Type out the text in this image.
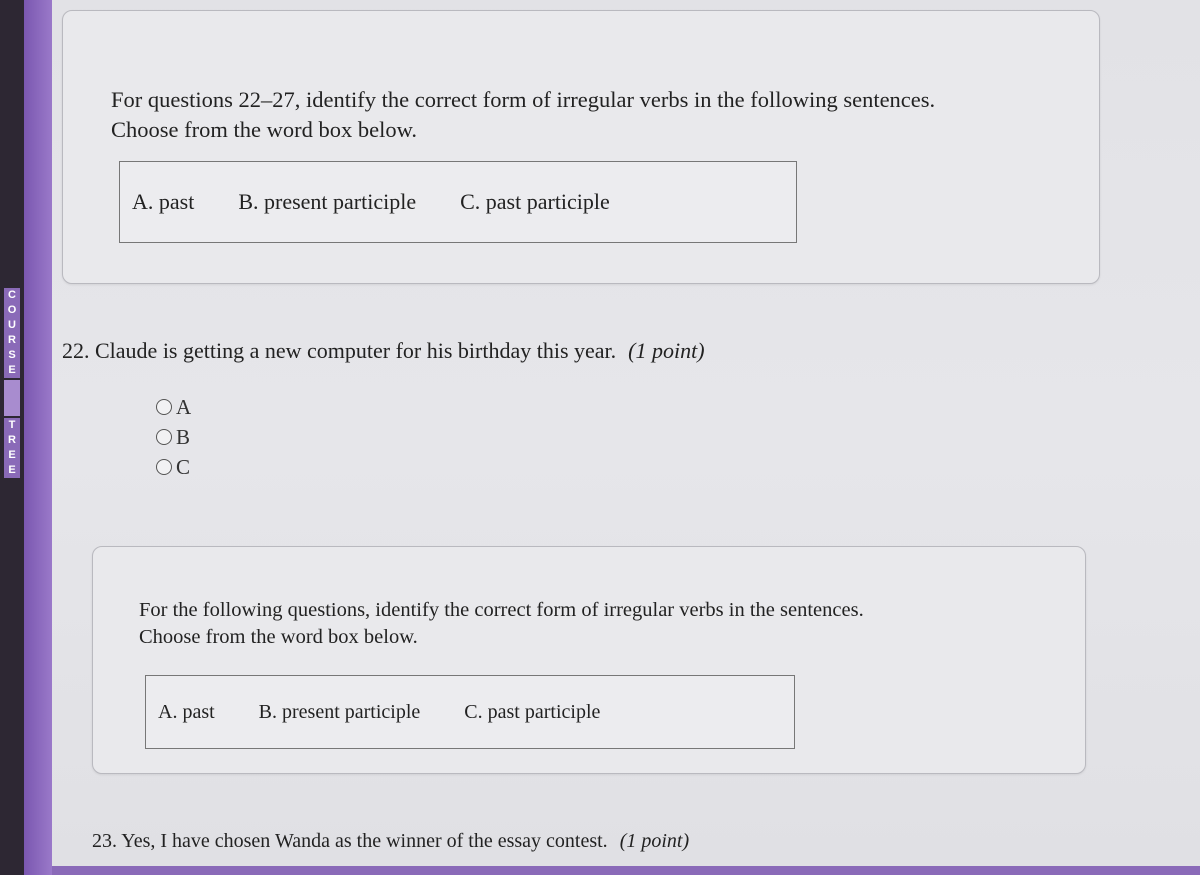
C
O
U
R
S
E
T
R
E
E
For questions 22–27, identify the correct form of irregular verbs in the following sentences.
Choose from the word box below.
A. past B. present participle C. past participle
22. Claude is getting a new computer for his birthday this year. (1 point)
A
B
C
For the following questions, identify the correct form of irregular verbs in the sentences.
Choose from the word box below.
A. past B. present participle C. past participle
23. Yes, I have chosen Wanda as the winner of the essay contest. (1 point)
